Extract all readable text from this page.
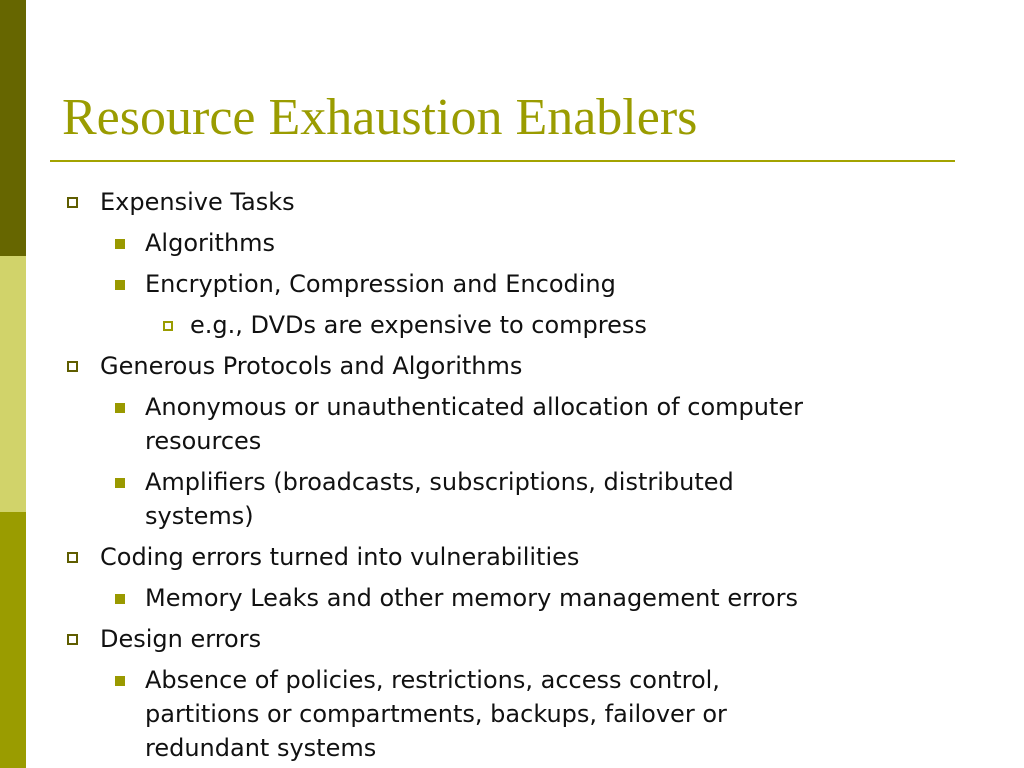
Resource Exhaustion Enablers
Expensive Tasks
Algorithms
Encryption, Compression and Encoding
e.g., DVDs are expensive to compress
Generous Protocols and Algorithms
Anonymous or unauthenticated allocation of computer
resources
Amplifiers (broadcasts, subscriptions, distributed
systems)
Coding errors turned into vulnerabilities
Memory Leaks and other memory management errors
Design errors
Absence of policies, restrictions, access control,
partitions or compartments, backups, failover or
redundant systems
